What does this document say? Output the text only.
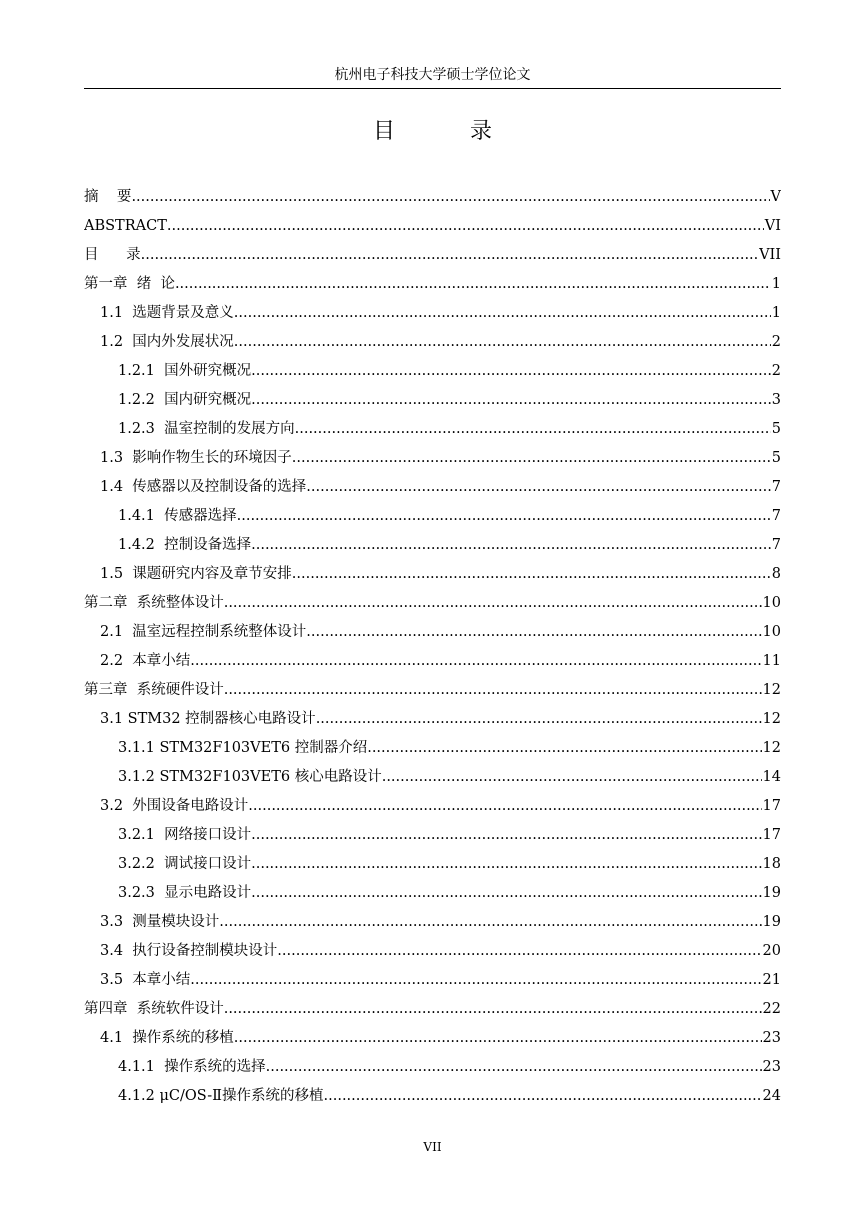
杭州电子科技大学硕士学位论文
目 录
摘    要 .....	V
ABSTRACT .....	VI
目      录 .....	VII
第一章  绪  论 .....	1
1.1  选题背景及意义 .....	1
1.2  国内外发展状况 .....	2
1.2.1  国外研究概况 .....	2
1.2.2  国内研究概况 .....	3
1.2.3  温室控制的发展方向 .....	5
1.3  影响作物生长的环境因子 .....	5
1.4  传感器以及控制设备的选择 .....	7
1.4.1  传感器选择 .....	7
1.4.2  控制设备选择 .....	7
1.5  课题研究内容及章节安排 .....	8
第二章  系统整体设计 .....	10
2.1  温室远程控制系统整体设计 .....	10
2.2  本章小结 .....	11
第三章  系统硬件设计 .....	12
3.1 STM32 控制器核心电路设计 .....	12
3.1.1 STM32F103VET6 控制器介绍 .....	12
3.1.2 STM32F103VET6 核心电路设计 .....	14
3.2  外围设备电路设计 .....	17
3.2.1  网络接口设计 .....	17
3.2.2  调试接口设计 .....	18
3.2.3  显示电路设计 .....	19
3.3  测量模块设计 .....	19
3.4  执行设备控制模块设计 .....	20
3.5  本章小结 .....	21
第四章  系统软件设计 .....	22
4.1  操作系统的移植 .....	23
4.1.1  操作系统的选择 .....	23
4.1.2 μC/OS-Ⅱ操作系统的移植 .....	24
VII
